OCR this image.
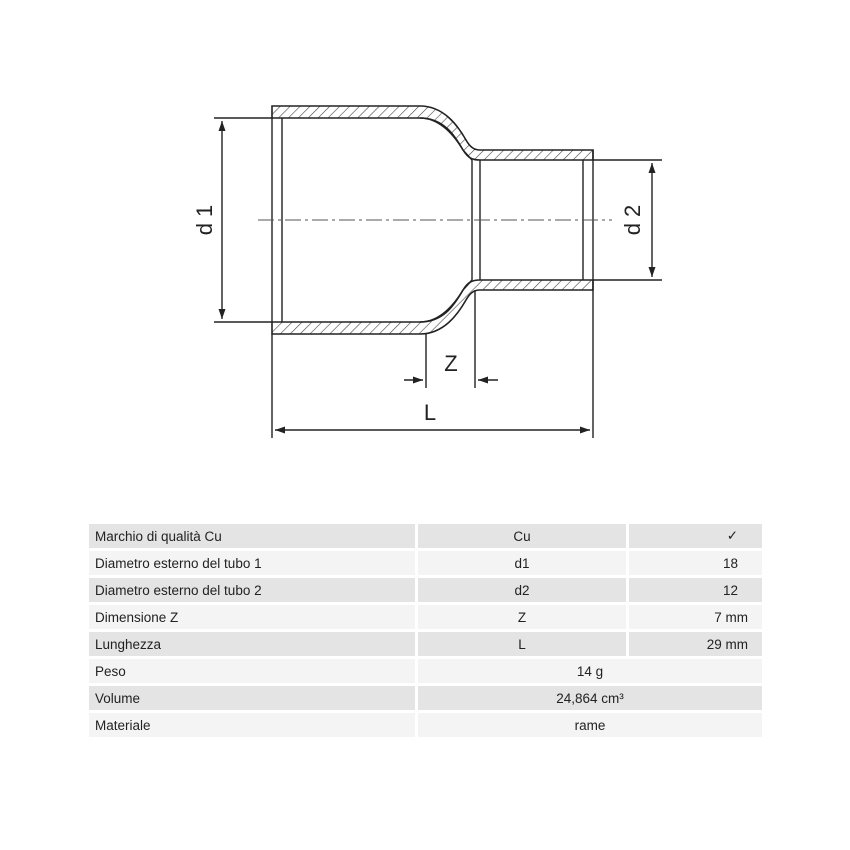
d 1	d 2
Z
L
Marchio di qualità Cu	Cu	✓
Diametro esterno del tubo 1	d1	18
Diametro esterno del tubo 2	d2	12
Dimensione Z	Z	7 mm
Lunghezza	L	29 mm
Peso	14 g	
Volume	24,864 cm³	
Materiale	rame	
